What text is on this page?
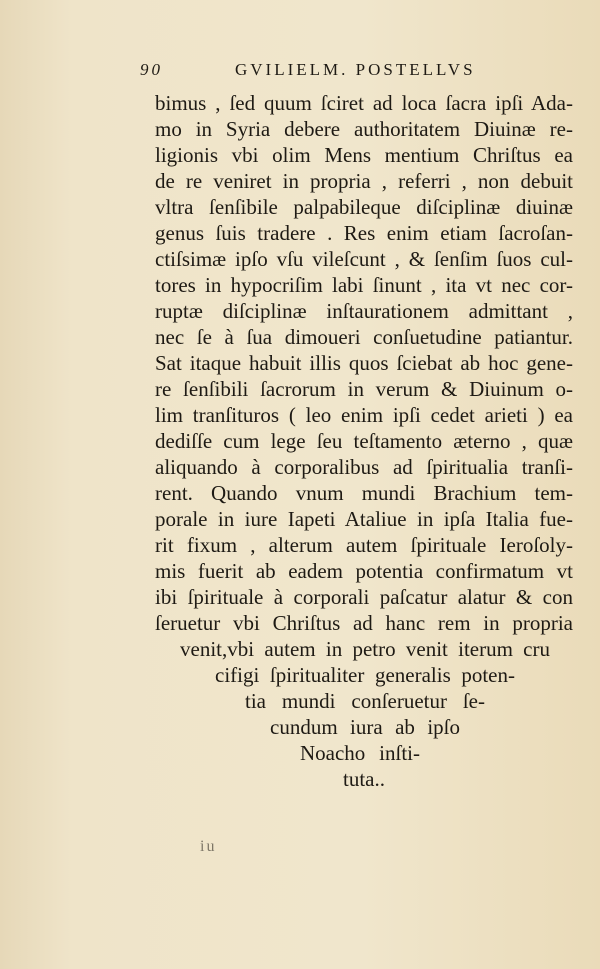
90	GVILIELM. POSTELLVS
bimus , ſed quum ſciret ad loca ſacra ipſi Ada-
mo in Syria debere authoritatem Diuinæ re-
ligionis vbi olim Mens mentium Chriſtus ea
de re veniret in propria , referri , non debuit
vltra ſenſibile palpabileque diſciplinæ diuinæ
genus ſuis tradere . Res enim etiam ſacroſan-
ctiſsimæ ipſo vſu vileſcunt , & ſenſim ſuos cul-
tores in hypocriſim labi ſinunt , ita vt nec cor-
ruptæ diſciplinæ inſtaurationem admittant ,
nec ſe à ſua dimoueri conſuetudine patiantur.
Sat itaque habuit illis quos ſciebat ab hoc gene-
re ſenſibili ſacrorum in verum & Diuinum o-
lim tranſituros ( leo enim ipſi cedet arieti ) ea
dediſſe cum lege ſeu teſtamento æterno , quæ
aliquando à corporalibus ad ſpiritualia tranſi-
rent. Quando vnum mundi Brachium tem-
porale in iure Iapeti Ataliue in ipſa Italia fue-
rit fixum , alterum autem ſpirituale Ieroſoly-
mis fuerit ab eadem potentia confirmatum vt
ibi ſpirituale à corporali paſcatur alatur & con
ſeruetur vbi Chriſtus ad hanc rem in propria
venit,vbi autem in petro venit iterum cru
cifigi ſpiritualiter generalis poten-
tia mundi conſeruetur ſe-
cundum iura ab ipſo
Noacho inſti-
tuta..
iu
